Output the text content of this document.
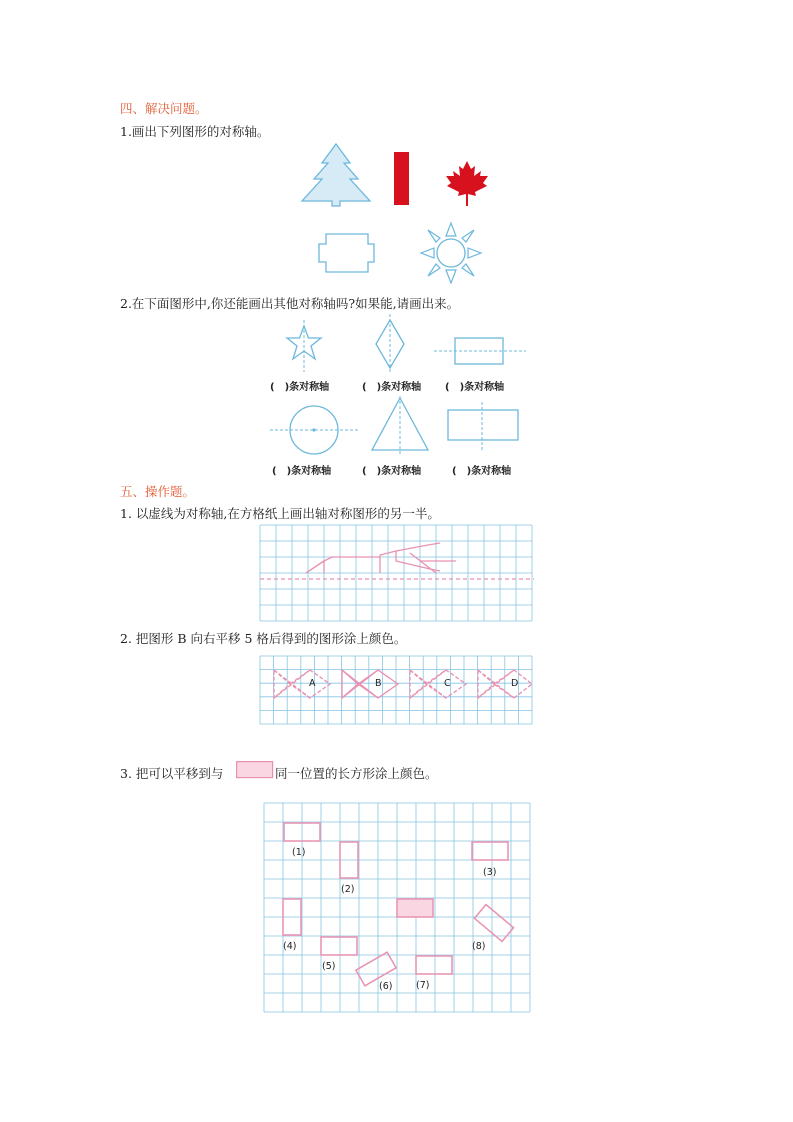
四、解决问题。
1.画出下列图形的对称轴。
2.在下面图形中,你还能画出其他对称轴吗?如果能,请画出来。
(　)条对称轴	(　)条对称轴 (　)条对称轴
(　)条对称轴	(　)条对称轴	(　)条对称轴
五、操作题。
1. 以虚线为对称轴,在方格纸上画出轴对称图形的另一半。
2. 把图形 B 向右平移 5 格后得到的图形涂上颜色。
A	B	C	D
3. 把可以平移到与	同一位置的长方形涂上颜色。
(1)
(2)
(3)
(4)
(5)
(6) (7)
(8)
